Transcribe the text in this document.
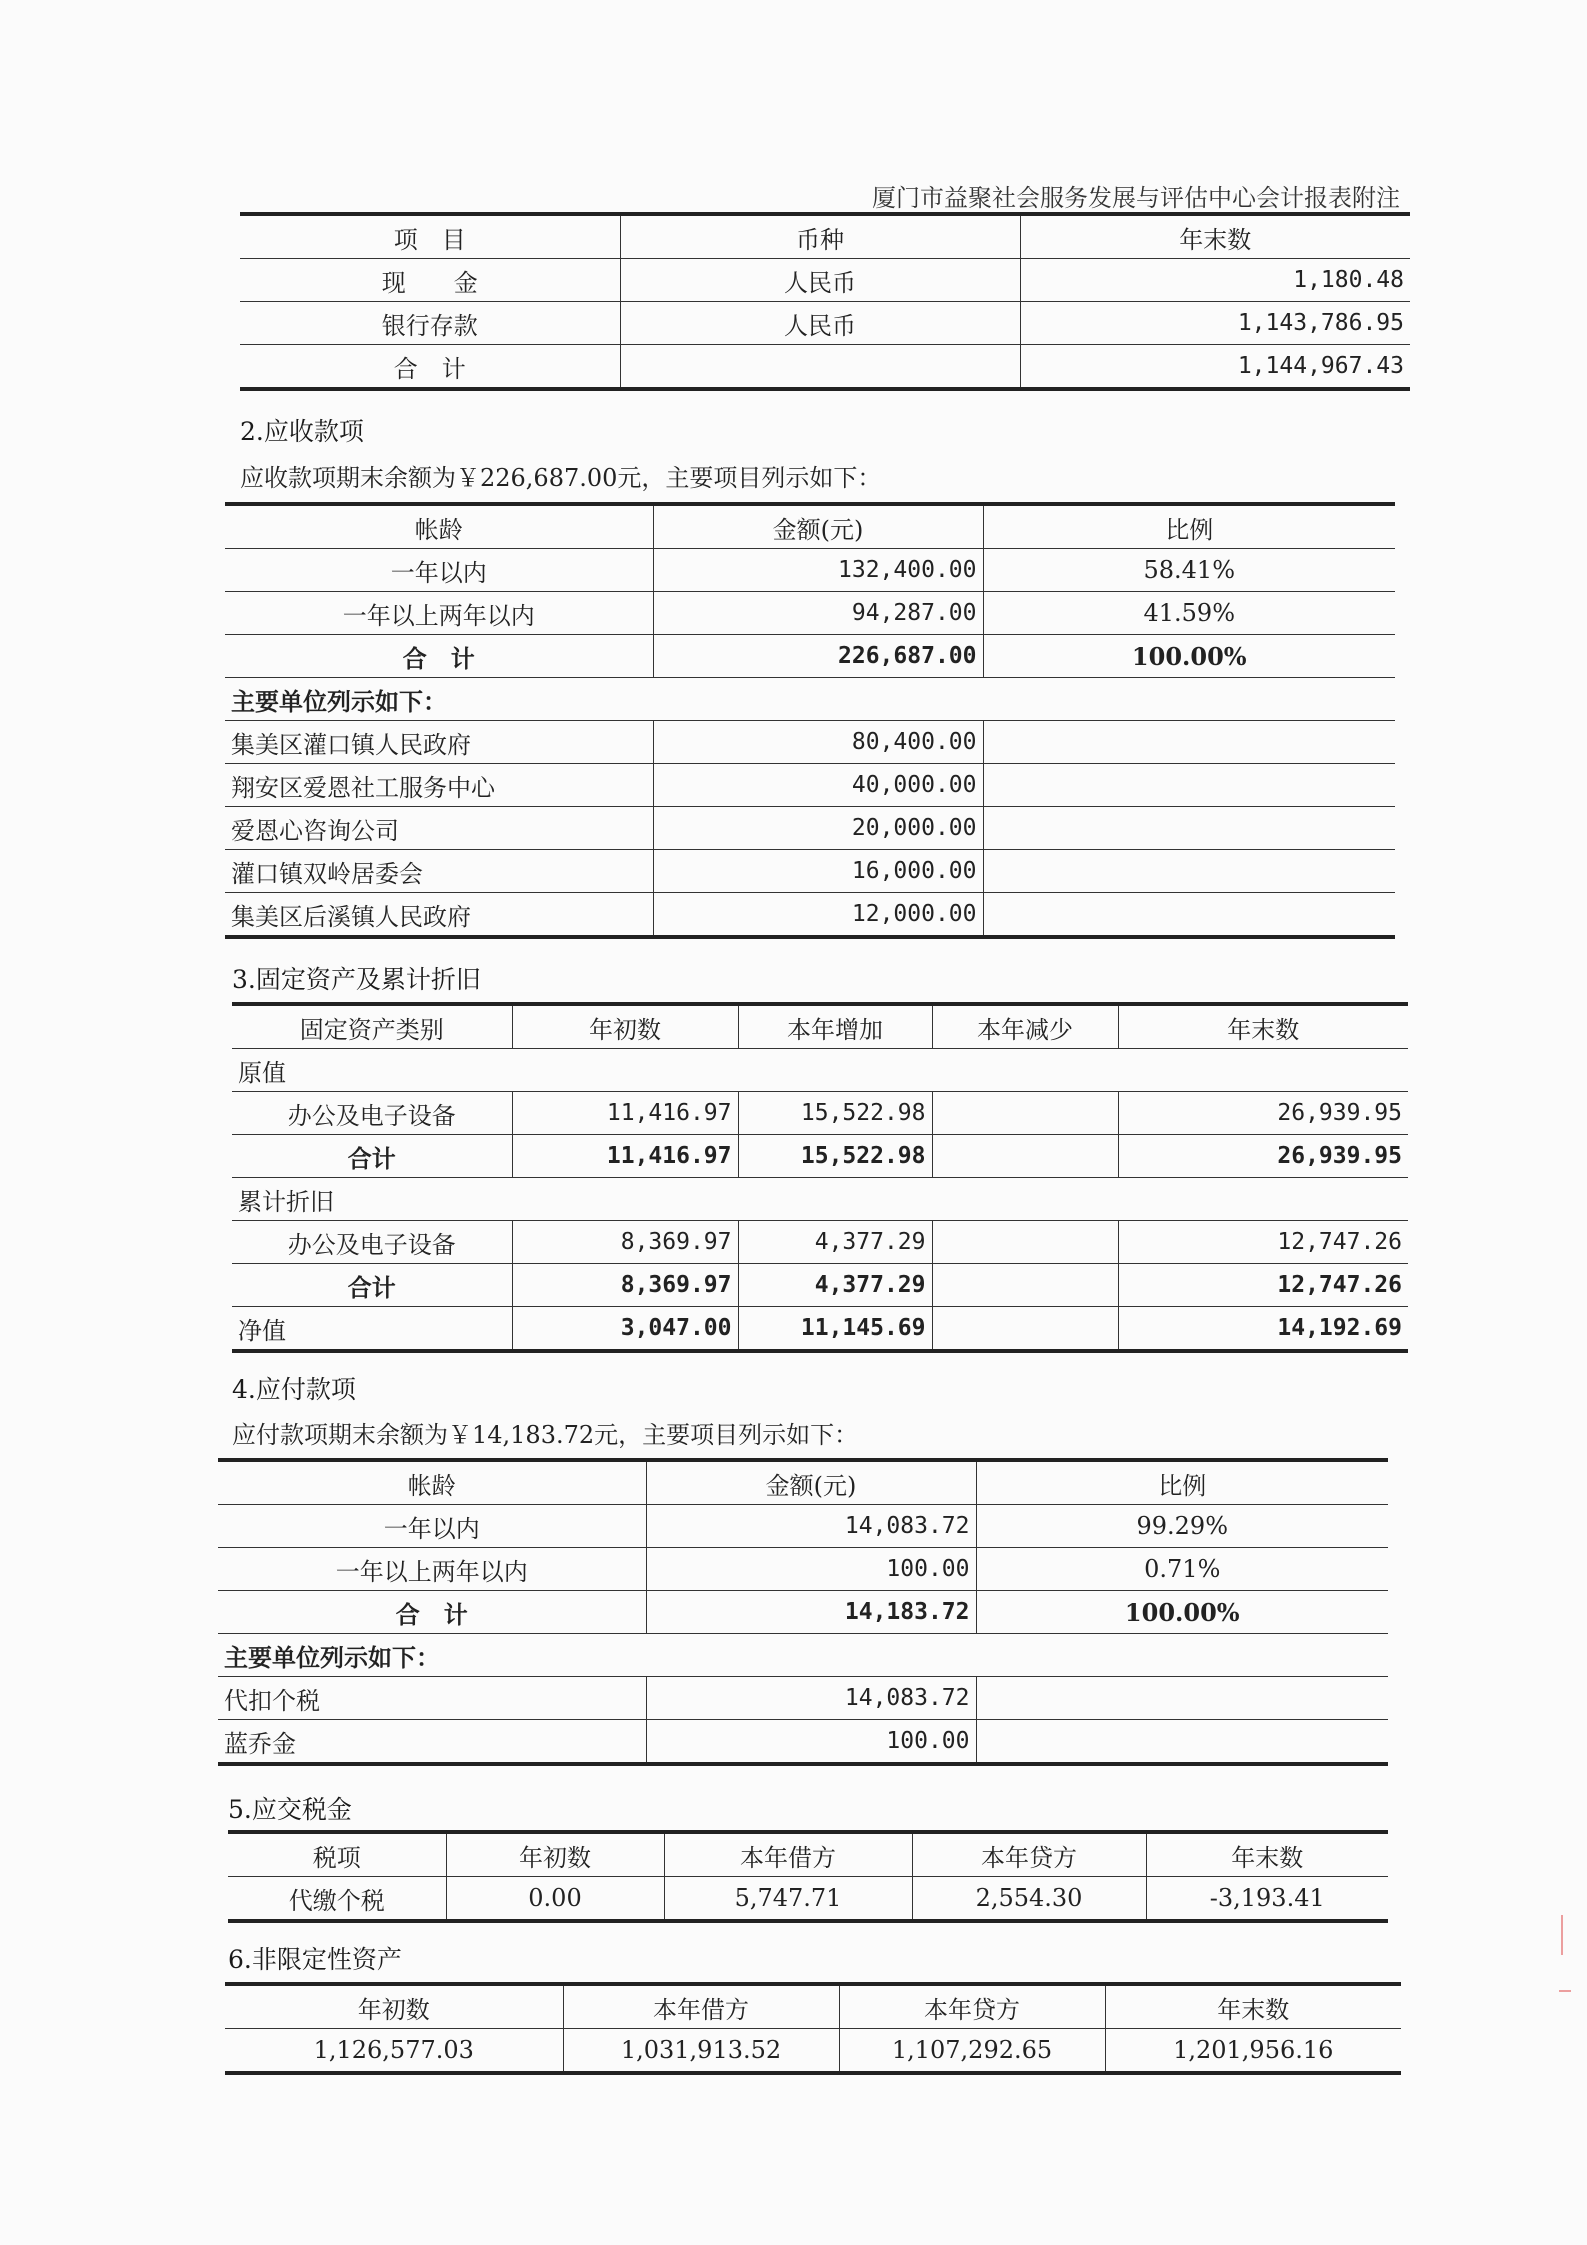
厦门市益聚社会服务发展与评估中心会计报表附注
项　目	币种	年末数
现　　金	人民币	1,180.48
银行存款	人民币	1,143,786.95
合　计		1,144,967.43
2.应收款项
应收款项期末余额为￥226,687.00元，主要项目列示如下：
帐龄	金额(元)	比例
一年以内	132,400.00	58.41%
一年以上两年以内	94,287.00	41.59%
合　计	226,687.00	100.00%
主要单位列示如下：		
集美区灌口镇人民政府	80,400.00	
翔安区爱恩社工服务中心	40,000.00	
爱恩心咨询公司	20,000.00	
灌口镇双岭居委会	16,000.00	
集美区后溪镇人民政府	12,000.00	
3.固定资产及累计折旧
固定资产类别	年初数	本年增加	本年减少	年末数
原值				
办公及电子设备	11,416.97	15,522.98		26,939.95
合计	11,416.97	15,522.98		26,939.95
累计折旧				
办公及电子设备	8,369.97	4,377.29		12,747.26
合计	8,369.97	4,377.29		12,747.26
净值	3,047.00	11,145.69		14,192.69
4.应付款项
应付款项期末余额为￥14,183.72元，主要项目列示如下：
帐龄	金额(元)	比例
一年以内	14,083.72	99.29%
一年以上两年以内	100.00	0.71%
合　计	14,183.72	100.00%
主要单位列示如下：		
代扣个税	14,083.72	
蓝乔金	100.00	
5.应交税金
税项	年初数	本年借方	本年贷方	年末数
代缴个税	0.00	5,747.71	2,554.30	-3,193.41
6.非限定性资产
年初数	本年借方	本年贷方	年末数
1,126,577.03	1,031,913.52	1,107,292.65	1,201,956.16
